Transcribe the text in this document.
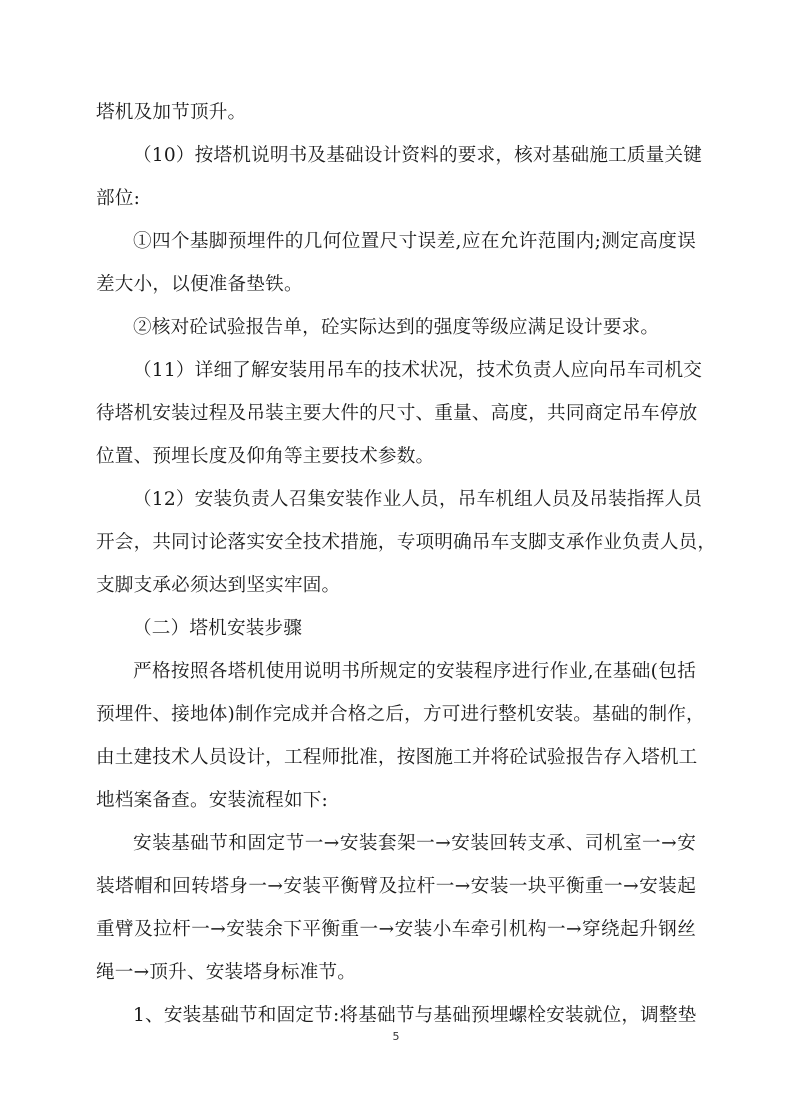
塔机及加节顶升。
（10）按塔机说明书及基础设计资料的要求，核对基础施工质量关键
部位:
①四个基脚预埋件的几何位置尺寸误差,应在允许范围内;测定高度误
差大小，以便准备垫铁。
②核对砼试验报告单，砼实际达到的强度等级应满足设计要求。
（11）详细了解安装用吊车的技术状况，技术负责人应向吊车司机交
待塔机安装过程及吊装主要大件的尺寸、重量、高度，共同商定吊车停放
位置、预埋长度及仰角等主要技术参数。
（12）安装负责人召集安装作业人员，吊车机组人员及吊装指挥人员
开会，共同讨论落实安全技术措施，专项明确吊车支脚支承作业负责人员，
支脚支承必须达到坚实牢固。
（二）塔机安装步骤
严格按照各塔机使用说明书所规定的安装程序进行作业,在基础(包括
预埋件、接地体)制作完成并合格之后，方可进行整机安装。基础的制作，
由土建技术人员设计，工程师批准，按图施工并将砼试验报告存入塔机工
地档案备查。安装流程如下:
安装基础节和固定节一→安装套架一→安装回转支承、司机室一→安
装塔帽和回转塔身一→安装平衡臂及拉杆一→安装一块平衡重一→安装起
重臂及拉杆一→安装余下平衡重一→安装小车牵引机构一→穿绕起升钢丝
绳一→顶升、安装塔身标准节。
1、安装基础节和固定节:将基础节与基础预埋螺栓安装就位，调整垫
5
